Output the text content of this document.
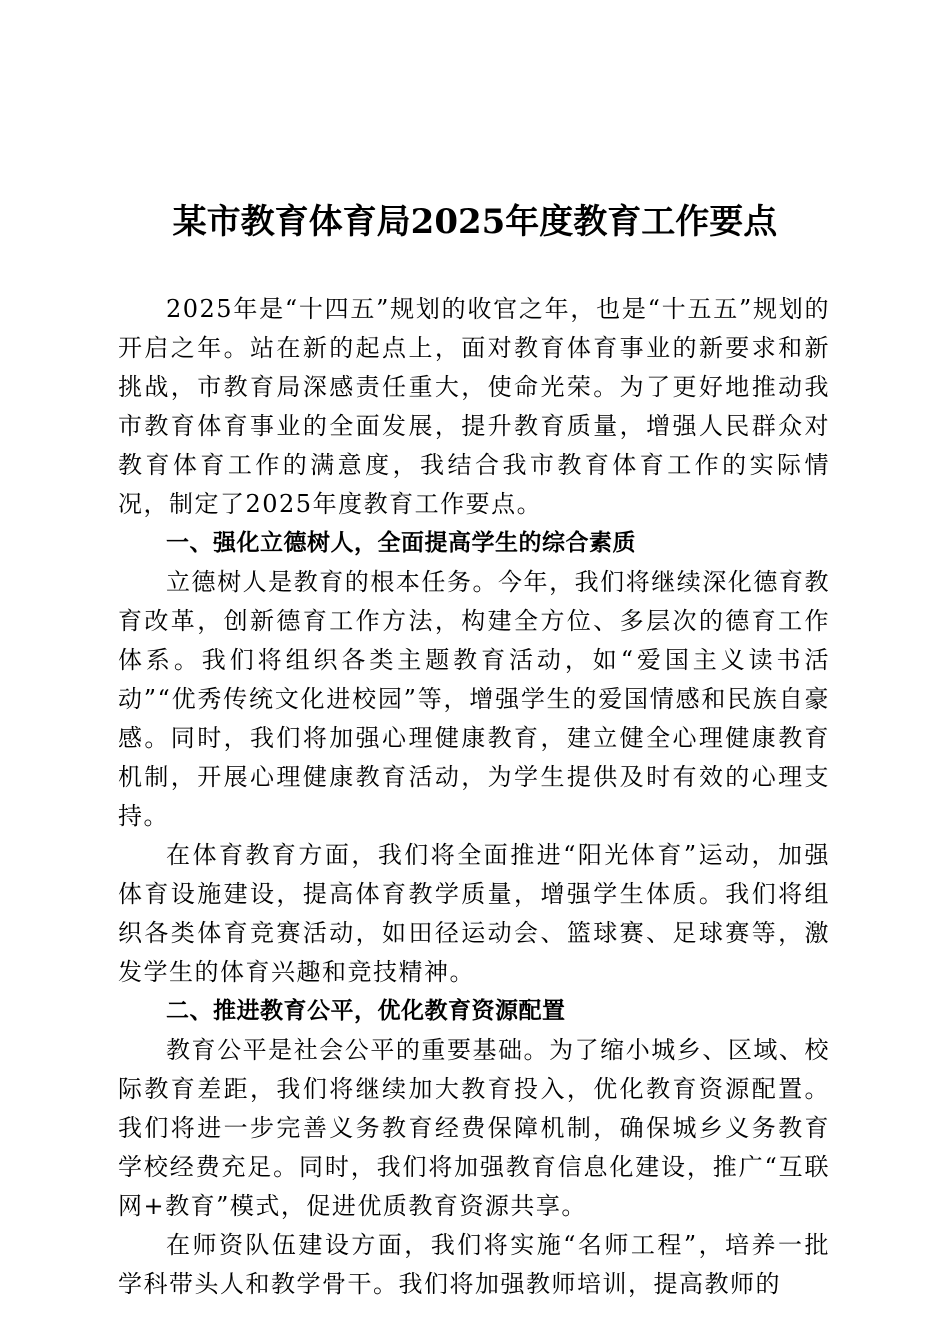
某市教育体育局2025年度教育工作要点

2025年是“十四五”规划的收官之年，也是“十五五”规划的开启之年。站在新的起点上，面对教育体育事业的新要求和新挑战，市教育局深感责任重大，使命光荣。为了更好地推动我市教育体育事业的全面发展，提升教育质量，增强人民群众对教育体育工作的满意度，我结合我市教育体育工作的实际情况，制定了2025年度教育工作要点。

一、强化立德树人，全面提高学生的综合素质

立德树人是教育的根本任务。今年，我们将继续深化德育教育改革，创新德育工作方法，构建全方位、多层次的德育工作体系。我们将组织各类主题教育活动，如“爱国主义读书活动”“优秀传统文化进校园”等，增强学生的爱国情感和民族自豪感。同时，我们将加强心理健康教育，建立健全心理健康教育机制，开展心理健康教育活动，为学生提供及时有效的心理支持。

在体育教育方面，我们将全面推进“阳光体育”运动，加强体育设施建设，提高体育教学质量，增强学生体质。我们将组织各类体育竞赛活动，如田径运动会、篮球赛、足球赛等，激发学生的体育兴趣和竞技精神。

二、推进教育公平，优化教育资源配置

教育公平是社会公平的重要基础。为了缩小城乡、区域、校际教育差距，我们将继续加大教育投入，优化教育资源配置。我们将进一步完善义务教育经费保障机制，确保城乡义务教育学校经费充足。同时，我们将加强教育信息化建设，推广“互联网+教育”模式，促进优质教育资源共享。

在师资队伍建设方面，我们将实施“名师工程”，培养一批学科带头人和教学骨干。我们将加强教师培训，提高教师的
